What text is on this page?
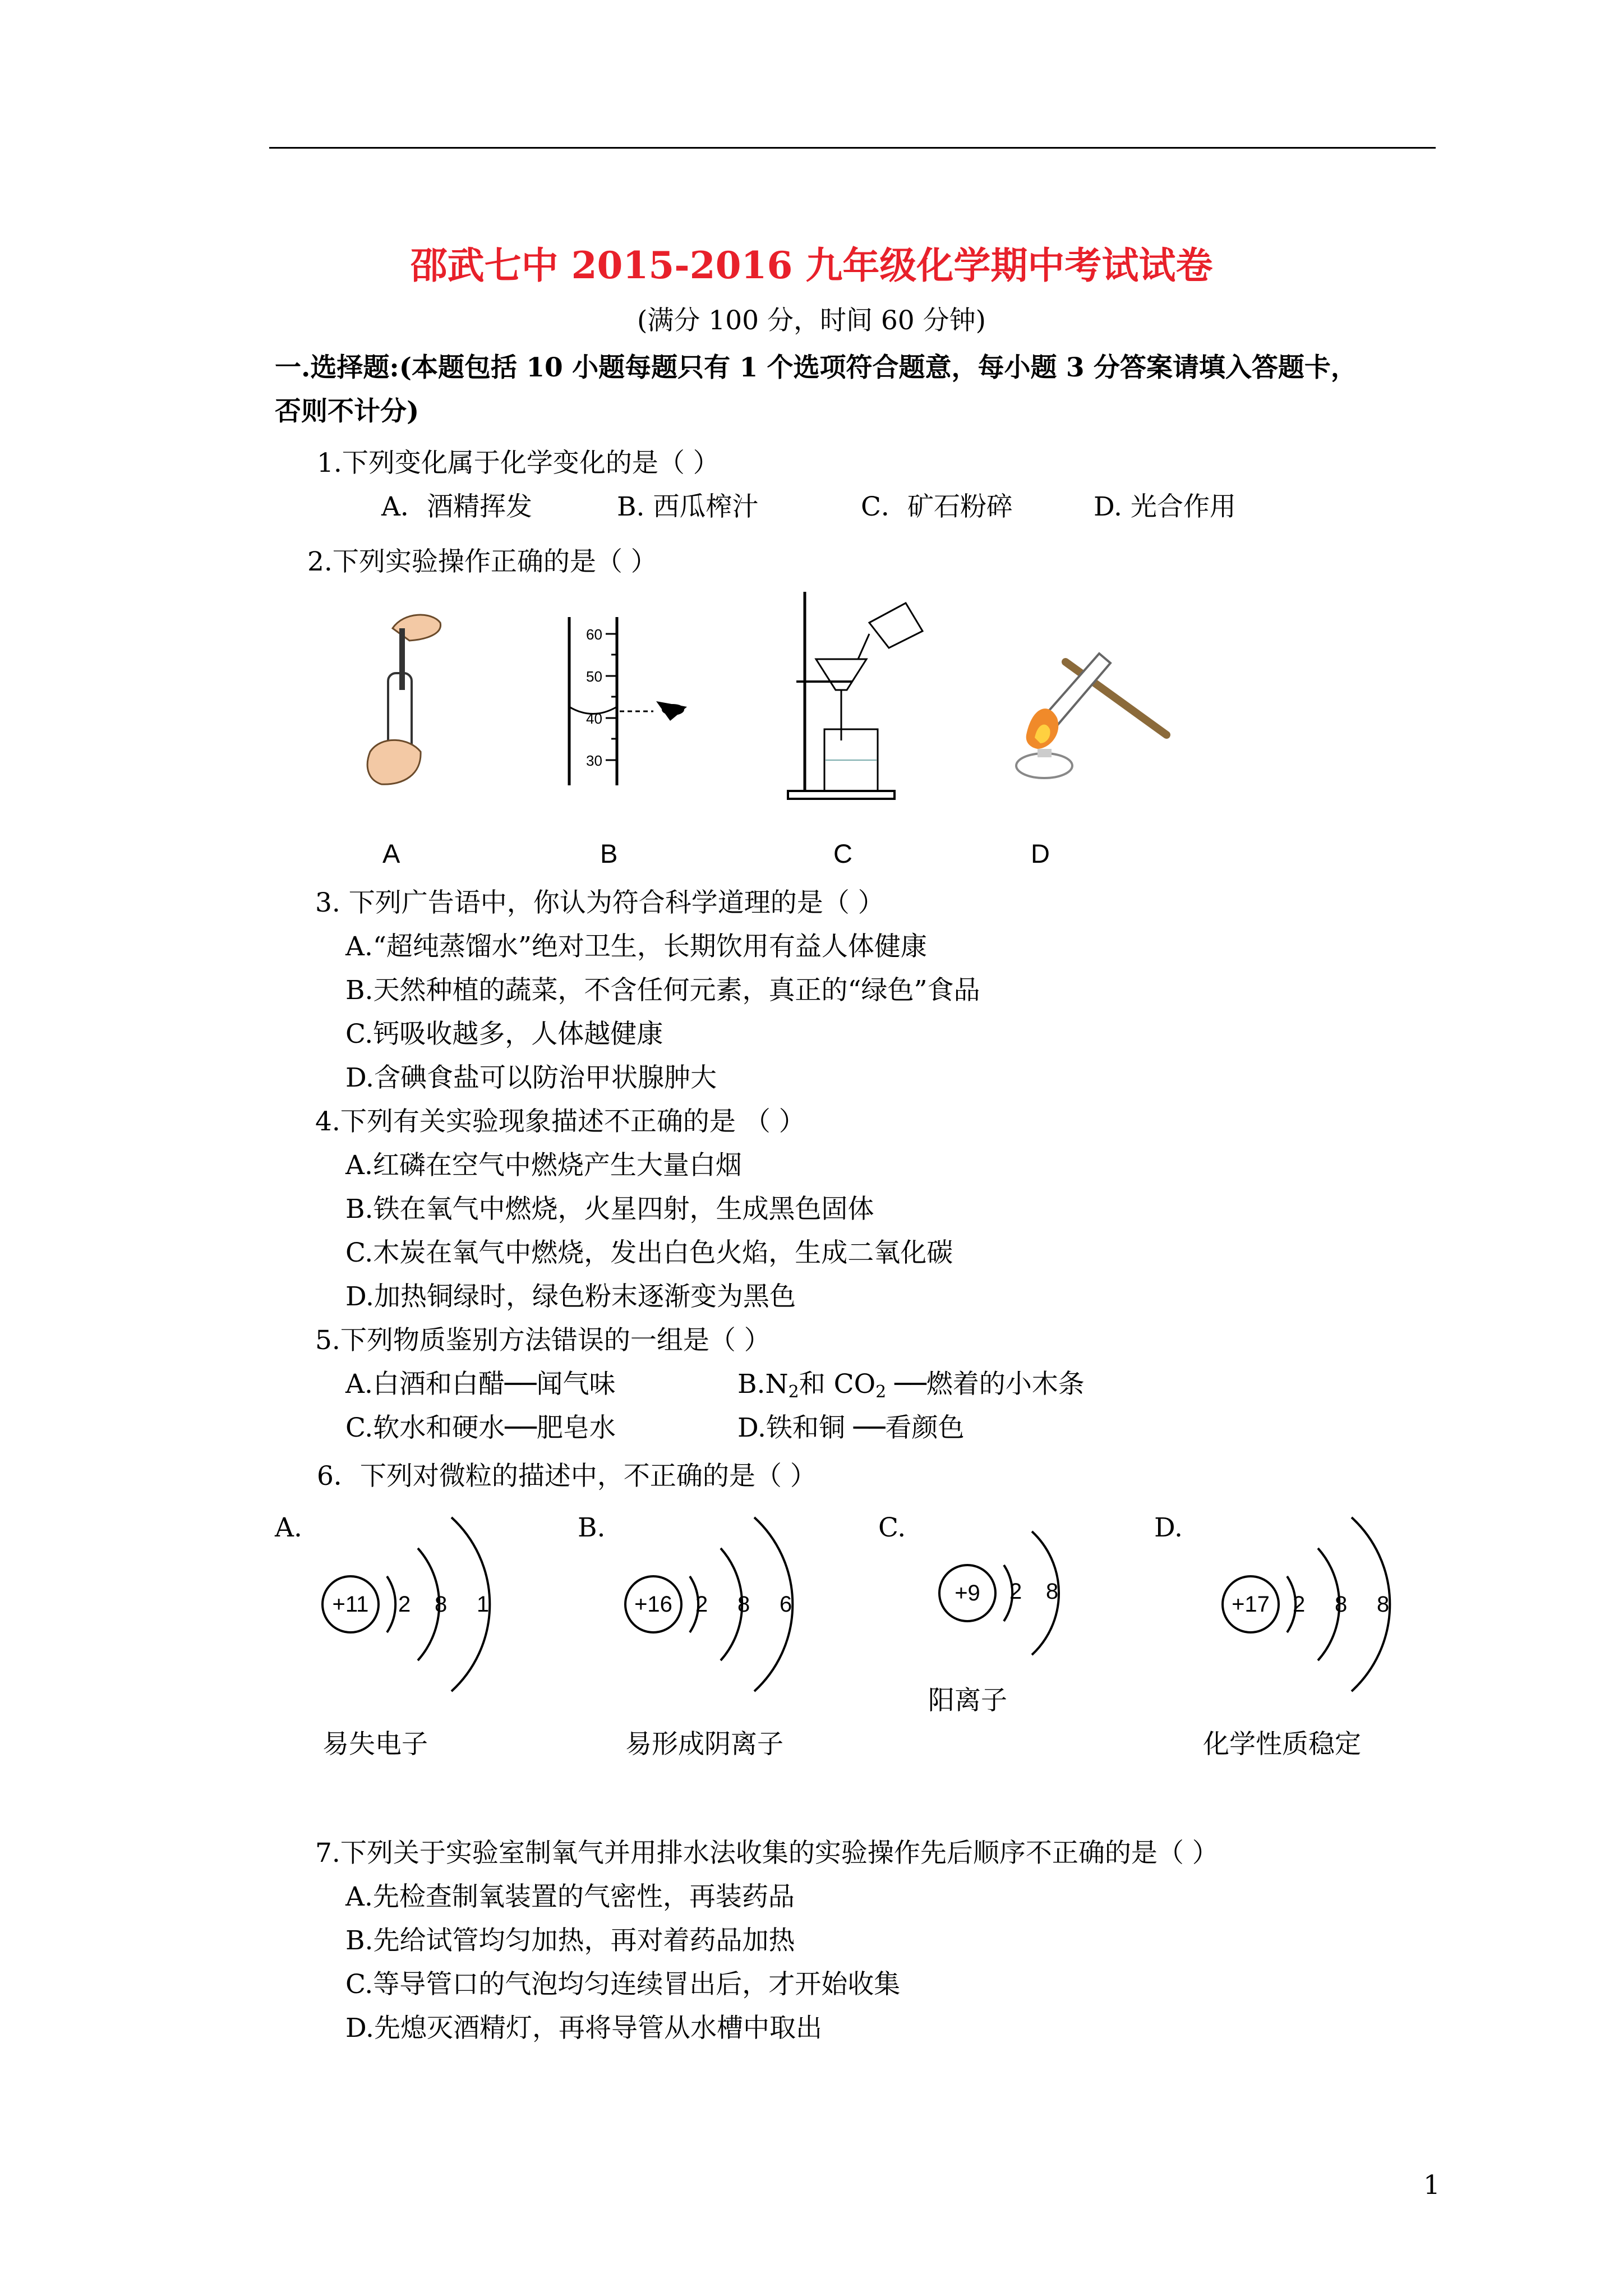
邵武七中 2015-2016 九年级化学期中考试试卷
(满分 100 分，时间 60 分钟)
一.选择题:(本题包括 10 小题每题只有 1 个选项符合题意，每小题 3 分答案请填入答题卡，
否则不计分)
1.下列变化属于化学变化的是（ ）
A．酒精挥发	B. 西瓜榨汁	C．矿石粉碎	D. 光合作用
2.下列实验操作正确的是（ ）
60
50
40
30
A	B	C	D
3. 下列广告语中，你认为符合科学道理的是（ ）
A.“超纯蒸馏水”绝对卫生，长期饮用有益人体健康
B.天然种植的蔬菜，不含任何元素，真正的“绿色”食品
C.钙吸收越多，人体越健康
D.含碘食盐可以防治甲状腺肿大
4.下列有关实验现象描述不正确的是 （ ）
A.红磷在空气中燃烧产生大量白烟
B.铁在氧气中燃烧，火星四射，生成黑色固体
C.木炭在氧气中燃烧，发出白色火焰，生成二氧化碳
D.加热铜绿时，绿色粉末逐渐变为黑色
5.下列物质鉴别方法错误的一组是（ ）
A.白酒和白醋──闻气味	$B.N_2$和 $CO_2$ ──燃着的小木条
C.软水和硬水──肥皂水	D.铁和铜 ──看颜色
6．下列对微粒的描述中，不正确的是（ ）
A.	B.	C.	D.
+11 2 8 1	+16 2 8 6	+9 2 8
+17 2 8 8
易失电子	易形成阴离子
阳离子
化学性质稳定
7.下列关于实验室制氧气并用排水法收集的实验操作先后顺序不正确的是（ ）
A.先检查制氧装置的气密性，再装药品
B.先给试管均匀加热，再对着药品加热
C.等导管口的气泡均匀连续冒出后，才开始收集
D.先熄灭酒精灯，再将导管从水槽中取出
1
